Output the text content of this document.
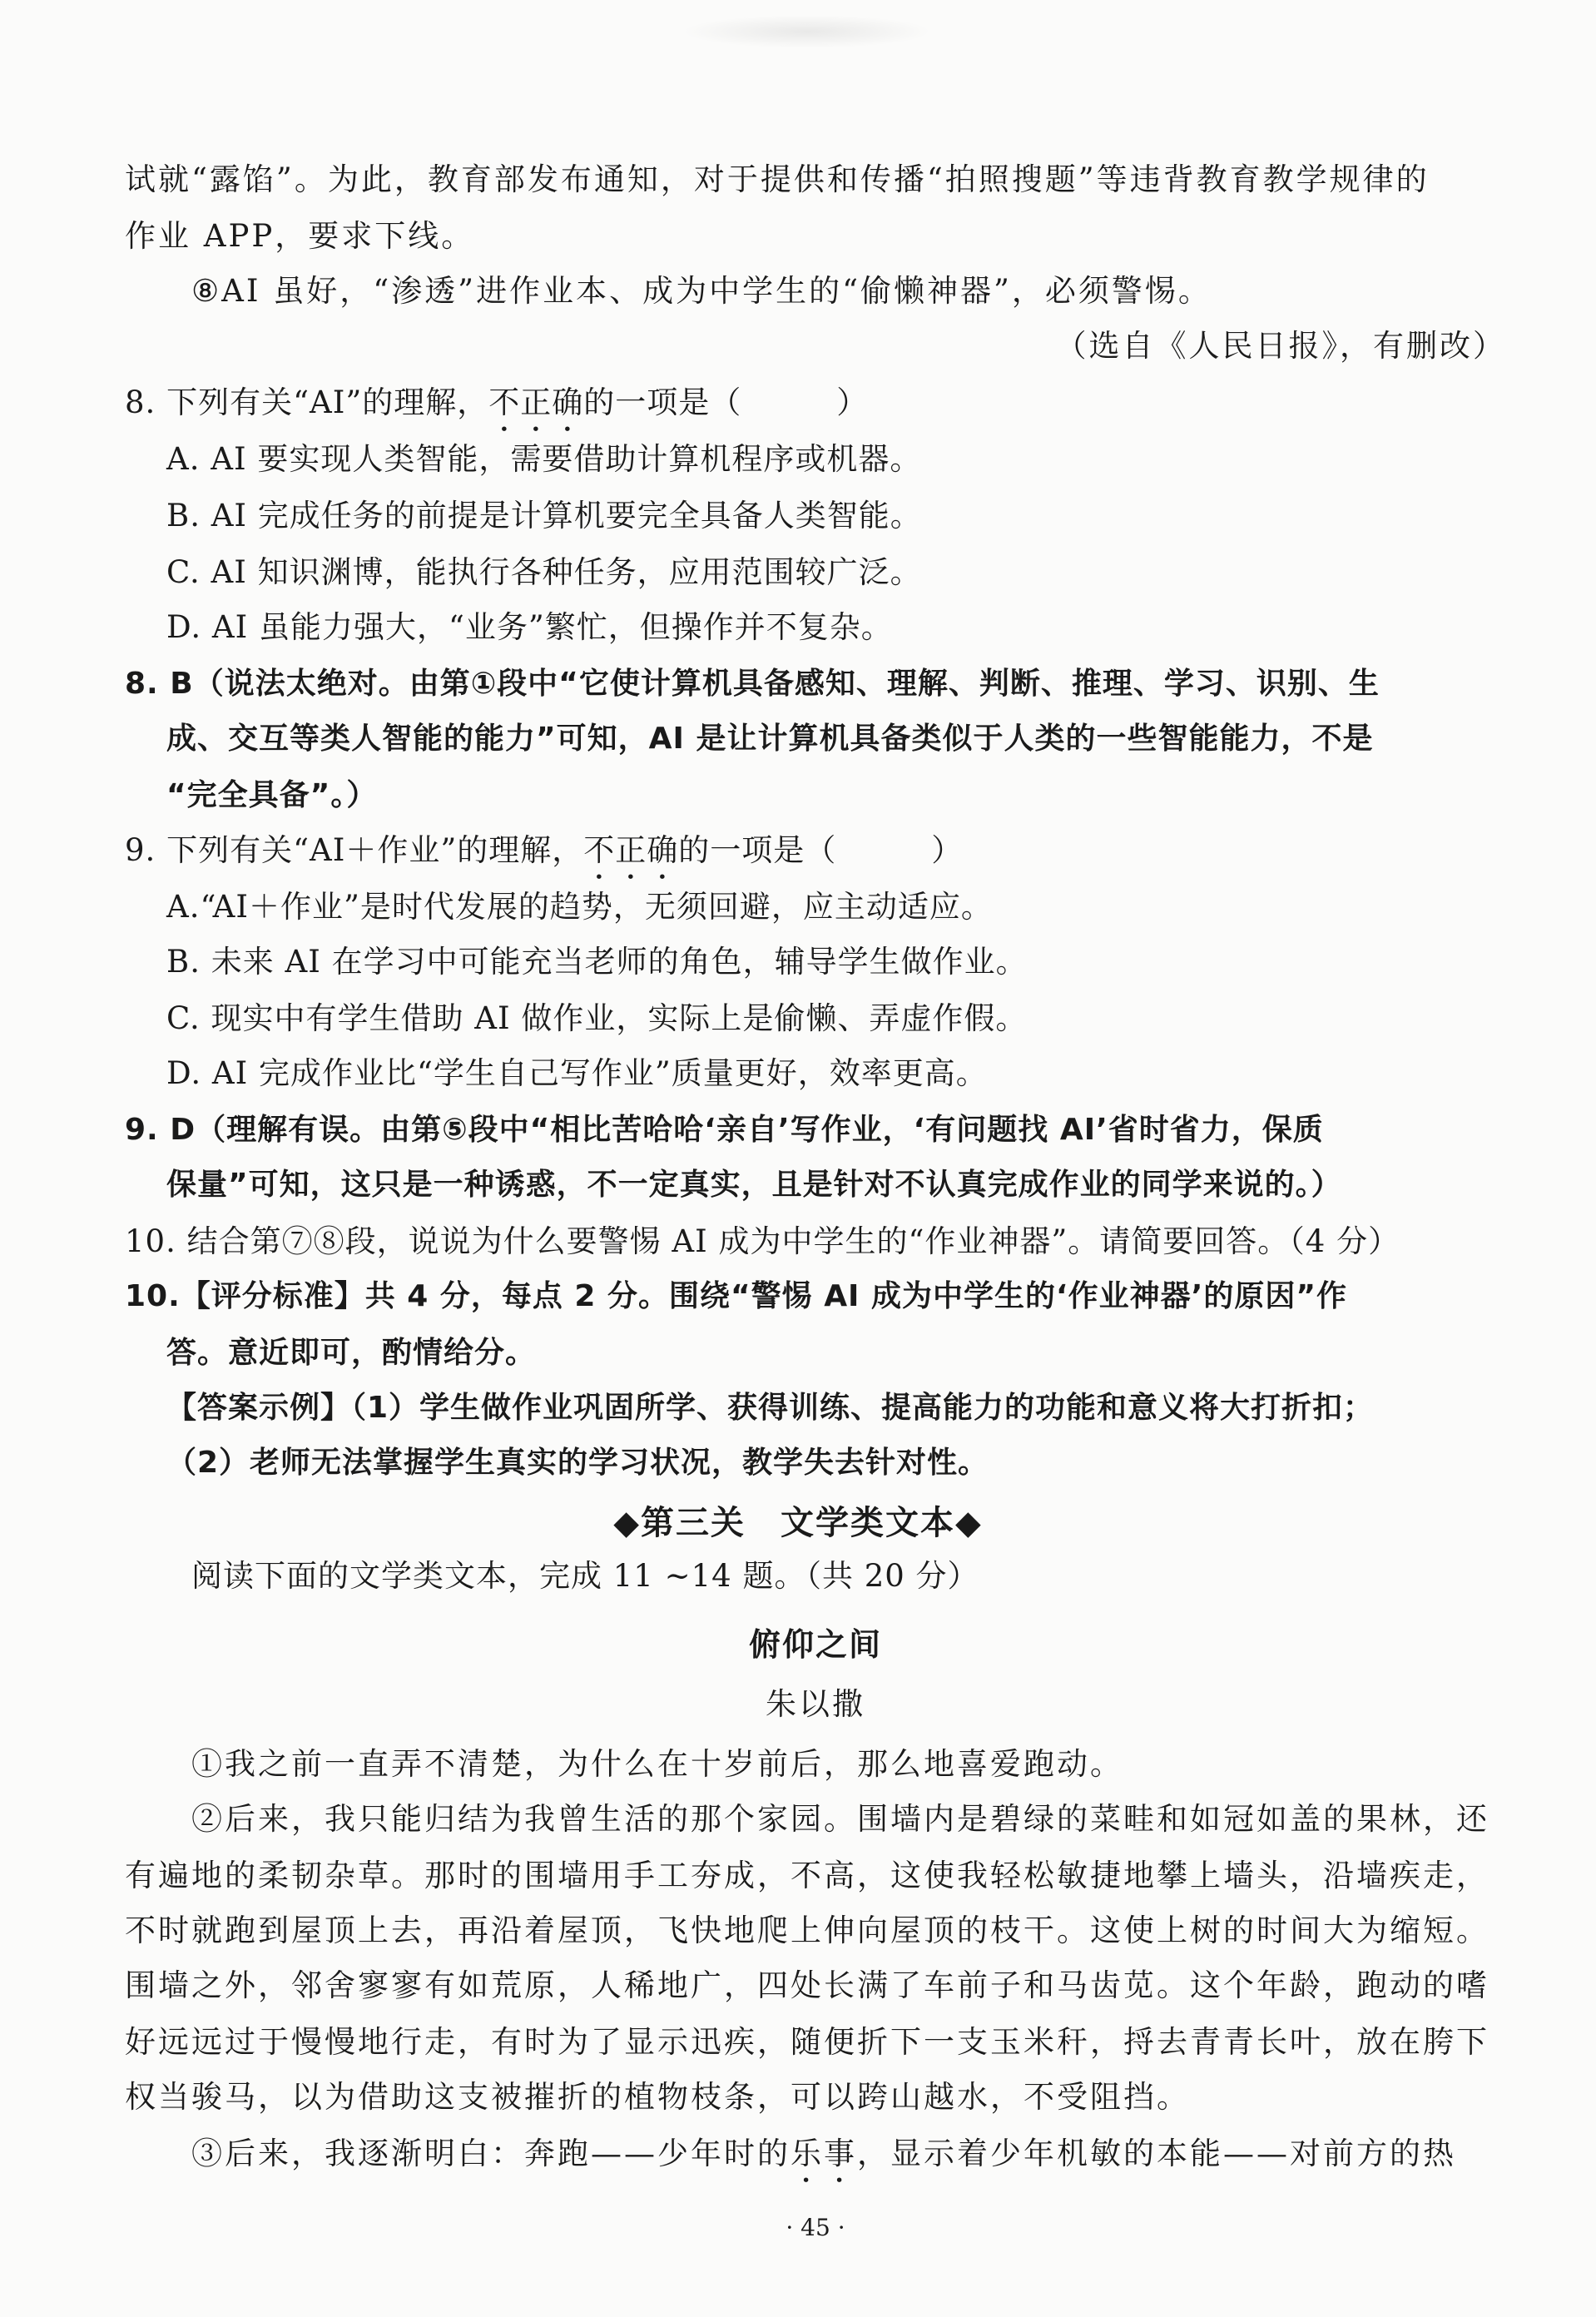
试就“露馅”。为此，教育部发布通知，对于提供和传播“拍照搜题”等违背教育教学规律的
作业 APP，要求下线。
⑧AI 虽好，“渗透”进作业本、成为中学生的“偷懒神器”，必须警惕。
（选自《人民日报》，有删改）
8. 下列有关“AI”的理解，不正确的一项是（　　　）
A. AI 要实现人类智能，需要借助计算机程序或机器。
B. AI 完成任务的前提是计算机要完全具备人类智能。
C. AI 知识渊博，能执行各种任务，应用范围较广泛。
D. AI 虽能力强大，“业务”繁忙，但操作并不复杂。
8. B（说法太绝对。由第①段中“它使计算机具备感知、理解、判断、推理、学习、识别、生
成、交互等类人智能的能力”可知，AI 是让计算机具备类似于人类的一些智能能力，不是
“完全具备”。）
9. 下列有关“AI＋作业”的理解，不正确的一项是（　　　）
A.“AI＋作业”是时代发展的趋势，无须回避，应主动适应。
B. 未来 AI 在学习中可能充当老师的角色，辅导学生做作业。
C. 现实中有学生借助 AI 做作业，实际上是偷懒、弄虚作假。
D. AI 完成作业比“学生自己写作业”质量更好，效率更高。
9. D（理解有误。由第⑤段中“相比苦哈哈‘亲自’写作业，‘有问题找 AI’省时省力，保质
保量”可知，这只是一种诱惑，不一定真实，且是针对不认真完成作业的同学来说的。）
10. 结合第⑦⑧段，说说为什么要警惕 AI 成为中学生的“作业神器”。请简要回答。（4 分）
10.【评分标准】共 4 分，每点 2 分。围绕“警惕 AI 成为中学生的‘作业神器’的原因”作
答。意近即可，酌情给分。
【答案示例】（1）学生做作业巩固所学、获得训练、提高能力的功能和意义将大打折扣；
（2）老师无法掌握学生真实的学习状况，教学失去针对性。
◆第三关　文学类文本◆
阅读下面的文学类文本，完成 11 ~14 题。（共 20 分）
俯仰之间
朱以撒
①我之前一直弄不清楚，为什么在十岁前后，那么地喜爱跑动。
②后来，我只能归结为我曾生活的那个家园。围墙内是碧绿的菜畦和如冠如盖的果林，还
有遍地的柔韧杂草。那时的围墙用手工夯成，不高，这使我轻松敏捷地攀上墙头，沿墙疾走，
不时就跑到屋顶上去，再沿着屋顶，飞快地爬上伸向屋顶的枝干。这使上树的时间大为缩短。
围墙之外，邻舍寥寥有如荒原，人稀地广，四处长满了车前子和马齿苋。这个年龄，跑动的嗜
好远远过于慢慢地行走，有时为了显示迅疾，随便折下一支玉米秆，捋去青青长叶，放在胯下
权当骏马，以为借助这支被摧折的植物枝条，可以跨山越水，不受阻挡。
③后来，我逐渐明白：奔跑——少年时的乐事，显示着少年机敏的本能——对前方的热
· 45 ·
